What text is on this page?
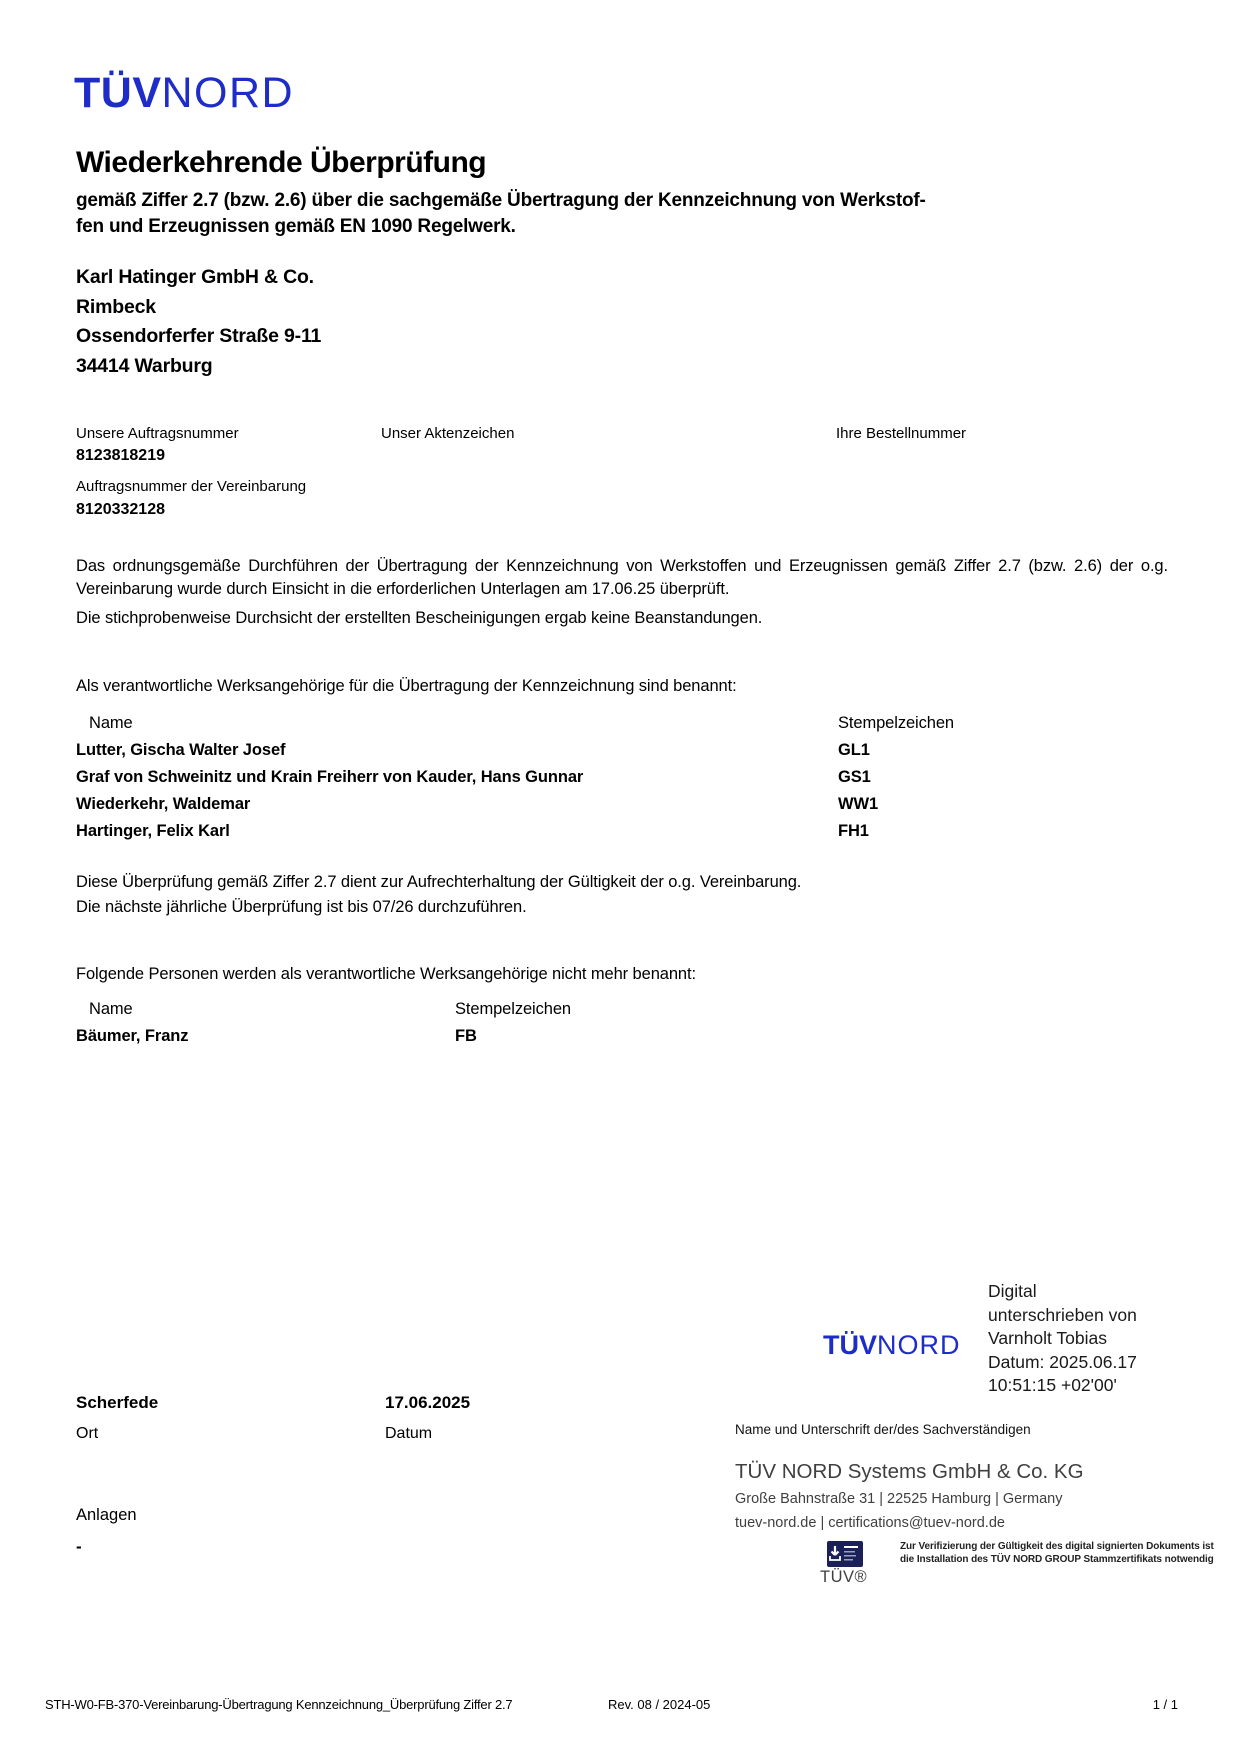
TÜVNORD
Wiederkehrende Überprüfung
gemäß Ziffer 2.7 (bzw. 2.6) über die sachgemäße Übertragung der Kennzeichnung von Werkstof-
fen und Erzeugnissen gemäß EN 1090 Regelwerk.
Karl Hatinger GmbH & Co.
Rimbeck
Ossendorferfer Straße 9-11
34414 Warburg
Unsere Auftragsnummer	Unser Aktenzeichen	Ihre Bestellnummer
8123818219
Auftragsnummer der Vereinbarung
8120332128
Das ordnungsgemäße Durchführen der Übertragung der Kennzeichnung von Werkstoffen und Erzeugnissen gemäß Ziffer 2.7 (bzw. 2.6) der o.g. Vereinbarung wurde durch Einsicht in die erforderlichen Unterlagen am 17.06.25 überprüft.
Die stichprobenweise Durchsicht der erstellten Bescheinigungen ergab keine Beanstandungen.
Als verantwortliche Werksangehörige für die Übertragung der Kennzeichnung sind benannt:
Name	Stempelzeichen
Lutter, Gischa Walter Josef	GL1
Graf von Schweinitz und Krain Freiherr von Kauder, Hans Gunnar	GS1
Wiederkehr, Waldemar	WW1
Hartinger, Felix Karl	FH1
Diese Überprüfung gemäß Ziffer 2.7 dient zur Aufrechterhaltung der Gültigkeit der o.g. Vereinbarung.
Die nächste jährliche Überprüfung ist bis 07/26 durchzuführen.
Folgende Personen werden als verantwortliche Werksangehörige nicht mehr benannt:
Name	Stempelzeichen
Bäumer, Franz	FB
TÜVNORD
Digital
unterschrieben von
Varnholt Tobias
Datum: 2025.06.17
10:51:15 +02'00'
Name und Unterschrift der/des Sachverständigen
Scherfede
Ort
17.06.2025
Datum
Anlagen
-
TÜV NORD Systems GmbH & Co. KG
Große Bahnstraße 31 | 22525 Hamburg | Germany
tuev-nord.de | certifications@tuev-nord.de
Zur Verifizierung der Gültigkeit des digital signierten Dokuments ist
die Installation des TÜV NORD GROUP Stammzertifikats notwendig
TÜV®
STH-W0-FB-370-Vereinbarung-Übertragung Kennzeichnung_Überprüfung Ziffer 2.7	Rev. 08 / 2024-05	1 / 1
